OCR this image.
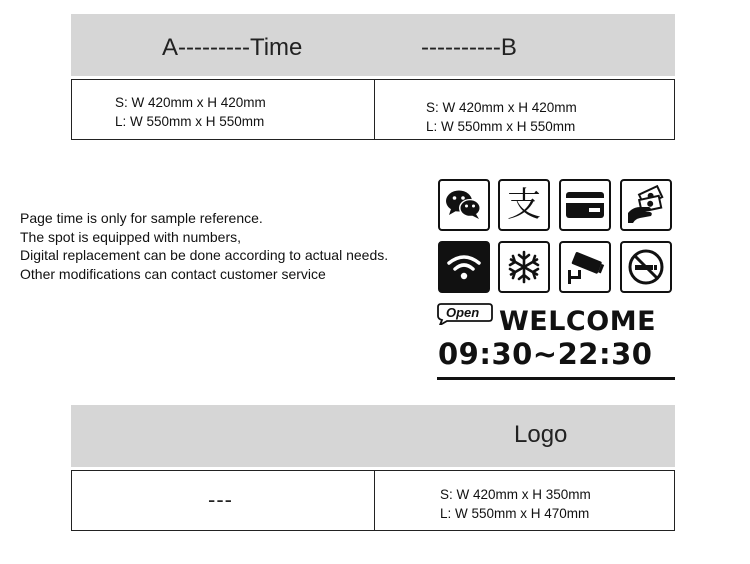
A---------Time	----------B
S: W 420mm x H 420mm
L: W 550mm x H 550mm
S: W 420mm x H 420mm
L: W 550mm x H 550mm
Page time is only for sample reference.
The spot is equipped with numbers,
Digital replacement can be done according to actual needs.
Other modifications can contact customer service
支
Open WELCOME
09:30~22:30
Logo
---	S: W 420mm x H 350mm
L: W 550mm x H 470mm
